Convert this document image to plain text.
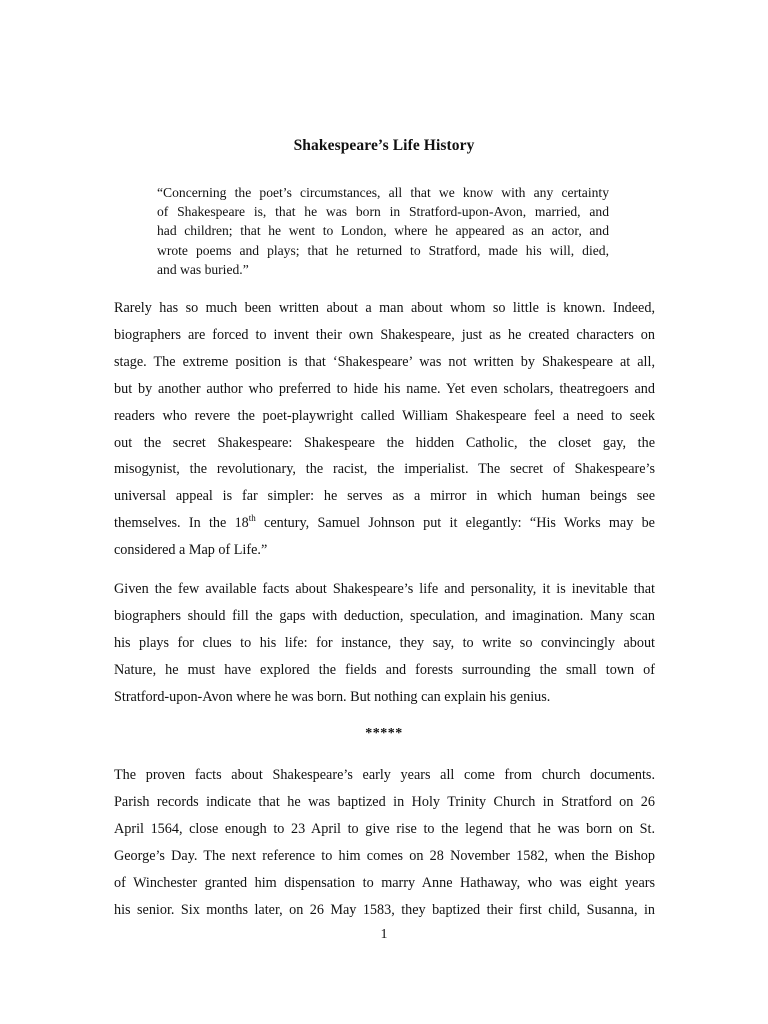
Shakespeare’s Life History
“Concerning the poet’s circumstances, all that we know with any certainty
of Shakespeare is, that he was born in Stratford-upon-Avon, married, and
had children; that he went to London, where he appeared as an actor, and
wrote poems and plays; that he returned to Stratford, made his will, died,
and was buried.”
Rarely has so much been written about a man about whom so little is known. Indeed,
biographers are forced to invent their own Shakespeare, just as he created characters on
stage. The extreme position is that ‘Shakespeare’ was not written by Shakespeare at all,
but by another author who preferred to hide his name. Yet even scholars, theatregoers and
readers who revere the poet-playwright called William Shakespeare feel a need to seek
out the secret Shakespeare: Shakespeare the hidden Catholic, the closet gay, the
misogynist, the revolutionary, the racist, the imperialist. The secret of Shakespeare’s
universal appeal is far simpler: he serves as a mirror in which human beings see
themselves. In the 18th century, Samuel Johnson put it elegantly: “His Works may be
considered a Map of Life.”
Given the few available facts about Shakespeare’s life and personality, it is inevitable that
biographers should fill the gaps with deduction, speculation, and imagination. Many scan
his plays for clues to his life: for instance, they say, to write so convincingly about
Nature, he must have explored the fields and forests surrounding the small town of
Stratford-upon-Avon where he was born. But nothing can explain his genius.
*****
The proven facts about Shakespeare’s early years all come from church documents.
Parish records indicate that he was baptized in Holy Trinity Church in Stratford on 26
April 1564, close enough to 23 April to give rise to the legend that he was born on St.
George’s Day. The next reference to him comes on 28 November 1582, when the Bishop
of Winchester granted him dispensation to marry Anne Hathaway, who was eight years
his senior. Six months later, on 26 May 1583, they baptized their first child, Susanna, in
1
